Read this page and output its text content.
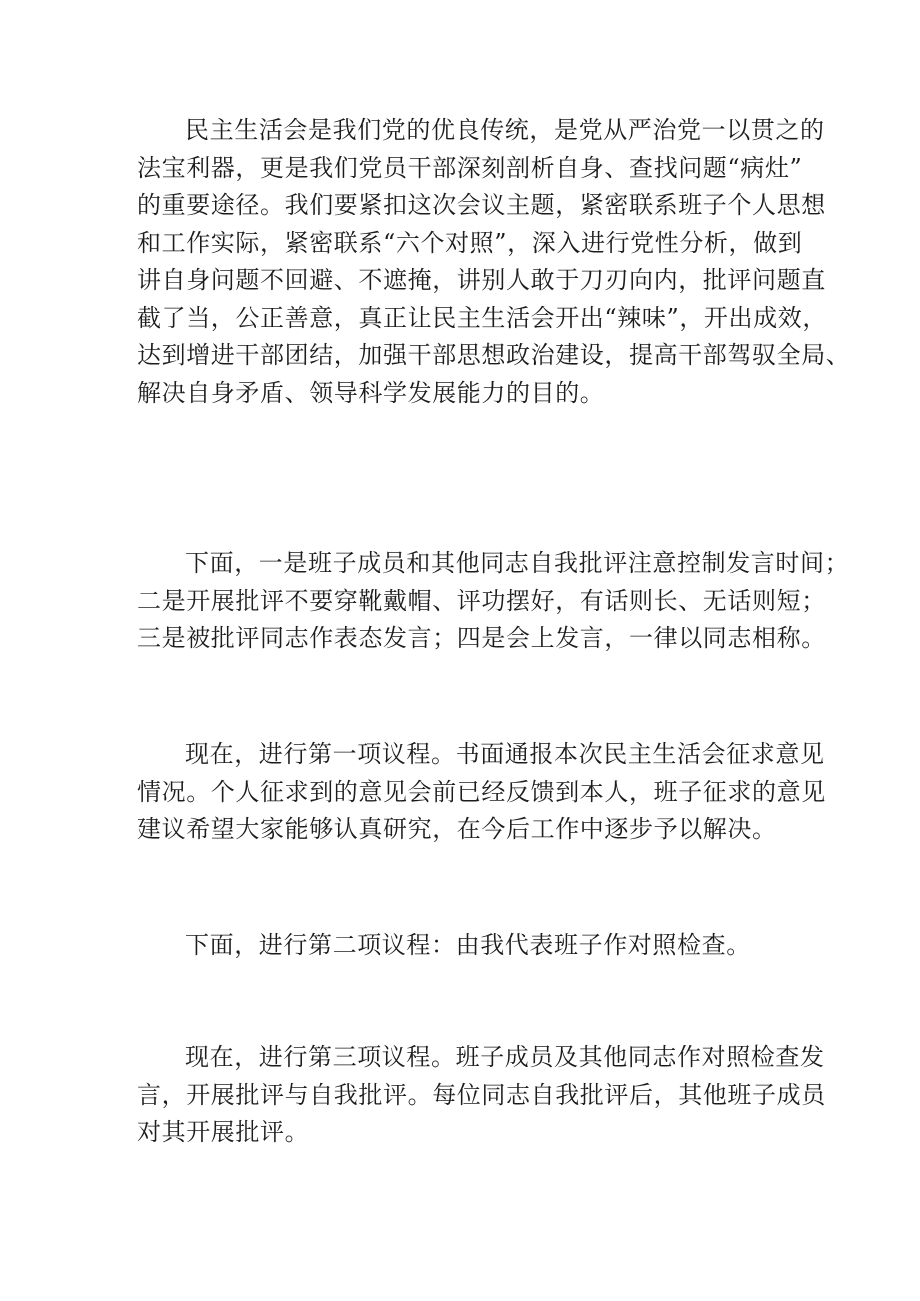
民主生活会是我们党的优良传统，是党从严治党一以贯之的
法宝利器，更是我们党员干部深刻剖析自身、查找问题“病灶”
的重要途径。我们要紧扣这次会议主题，紧密联系班子个人思想
和工作实际，紧密联系“六个对照”，深入进行党性分析，做到
讲自身问题不回避、不遮掩，讲别人敢于刀刃向内，批评问题直
截了当，公正善意，真正让民主生活会开出“辣味”，开出成效，
达到增进干部团结，加强干部思想政治建设，提高干部驾驭全局、
解决自身矛盾、领导科学发展能力的目的。
下面，一是班子成员和其他同志自我批评注意控制发言时间；
二是开展批评不要穿靴戴帽、评功摆好，有话则长、无话则短；
三是被批评同志作表态发言；四是会上发言，一律以同志相称。
现在，进行第一项议程。书面通报本次民主生活会征求意见
情况。个人征求到的意见会前已经反馈到本人，班子征求的意见
建议希望大家能够认真研究，在今后工作中逐步予以解决。
下面，进行第二项议程：由我代表班子作对照检查。
现在，进行第三项议程。班子成员及其他同志作对照检查发
言，开展批评与自我批评。每位同志自我批评后，其他班子成员
对其开展批评。
